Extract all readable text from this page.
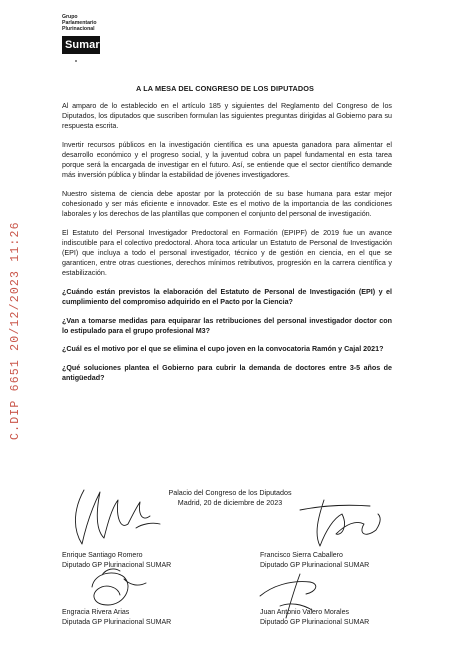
Grupo
Parlamentario
Plurinacional
Sumar
C.DIP 6651 20/12/2023 11:26
A LA MESA DEL CONGRESO DE LOS DIPUTADOS

Al amparo de lo establecido en el artículo 185 y siguientes del Reglamento del Congreso de los Diputados, los diputados que suscriben formulan las siguientes preguntas dirigidas al Gobierno para su respuesta escrita.

Invertir recursos públicos en la investigación científica es una apuesta ganadora para alimentar el desarrollo económico y el progreso social, y la juventud cobra un papel fundamental en esta tarea porque será la encargada de investigar en el futuro. Así, se entiende que el sector científico demande más inversión pública y blindar la estabilidad de jóvenes investigadores.

Nuestro sistema de ciencia debe apostar por la protección de su base humana para estar mejor cohesionado y ser más eficiente e innovador. Este es el motivo de la importancia de las condiciones laborales y los derechos de las plantillas que componen el conjunto del personal de investigación.

El Estatuto del Personal Investigador Predoctoral en Formación (EPIPF) de 2019 fue un avance indiscutible para el colectivo predoctoral. Ahora toca articular un Estatuto de Personal de Investigación (EPI) que incluya a todo el personal investigador, técnico y de gestión en ciencia, en el que se garanticen, entre otras cuestiones, derechos mínimos retributivos, progresión en la carrera científica y estabilización.

¿Cuándo están previstos la elaboración del Estatuto de Personal de Investigación (EPI) y el cumplimiento del compromiso adquirido en el Pacto por la Ciencia?

¿Van a tomarse medidas para equiparar las retribuciones del personal investigador doctor con lo estipulado para el grupo profesional M3?

¿Cuál es el motivo por el que se elimina el cupo joven en la convocatoria Ramón y Cajal 2021?

¿Qué soluciones plantea el Gobierno para cubrir la demanda de doctores entre 3-5 años de antigüedad?

Palacio del Congreso de los Diputados
Madrid, 20 de diciembre de 2023
Enrique Santiago Romero
Diputado GP Plurinacional SUMAR
Francisco Sierra Caballero
Diputado GP Plurinacional SUMAR
Engracia Rivera Arias
Diputada GP Plurinacional SUMAR
Juan Antonio Valero Morales
Diputado GP Plurinacional SUMAR
